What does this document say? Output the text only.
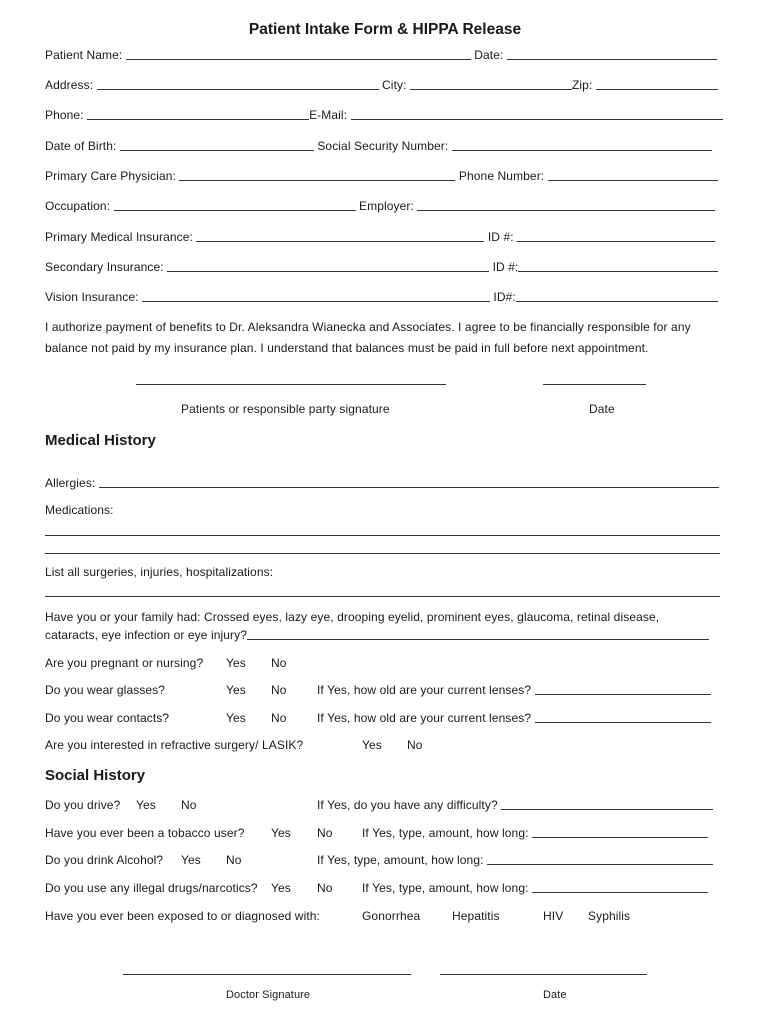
Patient Intake Form & HIPPA Release
Patient Name:	Date:
Address:	City:	Zip:
Phone:	E-Mail:
Date of Birth:	Social Security Number:
Primary Care Physician:	Phone Number:
Occupation:	Employer:
Primary Medical Insurance:	ID #:
Secondary Insurance:	ID #:
Vision Insurance:	ID#:
I authorize payment of benefits to Dr. Aleksandra Wianecka and Associates. I agree to be financially responsible for any
balance not paid by my insurance plan. I understand that balances must be paid in full before next appointment.
Patients or responsible party signature	Date
Medical History
Allergies:
Medications:
List all surgeries, injuries, hospitalizations:
Have you or your family had: Crossed eyes, lazy eye, drooping eyelid, prominent eyes, glaucoma, retinal disease,
cataracts, eye infection or eye injury?
Are you pregnant or nursing? Yes No
Do you wear glasses?	Yes No	If Yes, how old are your current lenses?
Do you wear contacts?	Yes No	If Yes, how old are your current lenses?
Are you interested in refractive surgery/ LASIK?	Yes No
Social History
Do you drive? Yes No	If Yes, do you have any difficulty?
Have you ever been a tobacco user? Yes No If Yes, type, amount, how long:
Do you drink Alcohol? Yes No	If Yes, type, amount, how long:
Do you use any illegal drugs/narcotics? Yes No If Yes, type, amount, how long:
Have you ever been exposed to or diagnosed with:	Gonorrhea	Hepatitis	HIV Syphilis
Doctor Signature	Date
